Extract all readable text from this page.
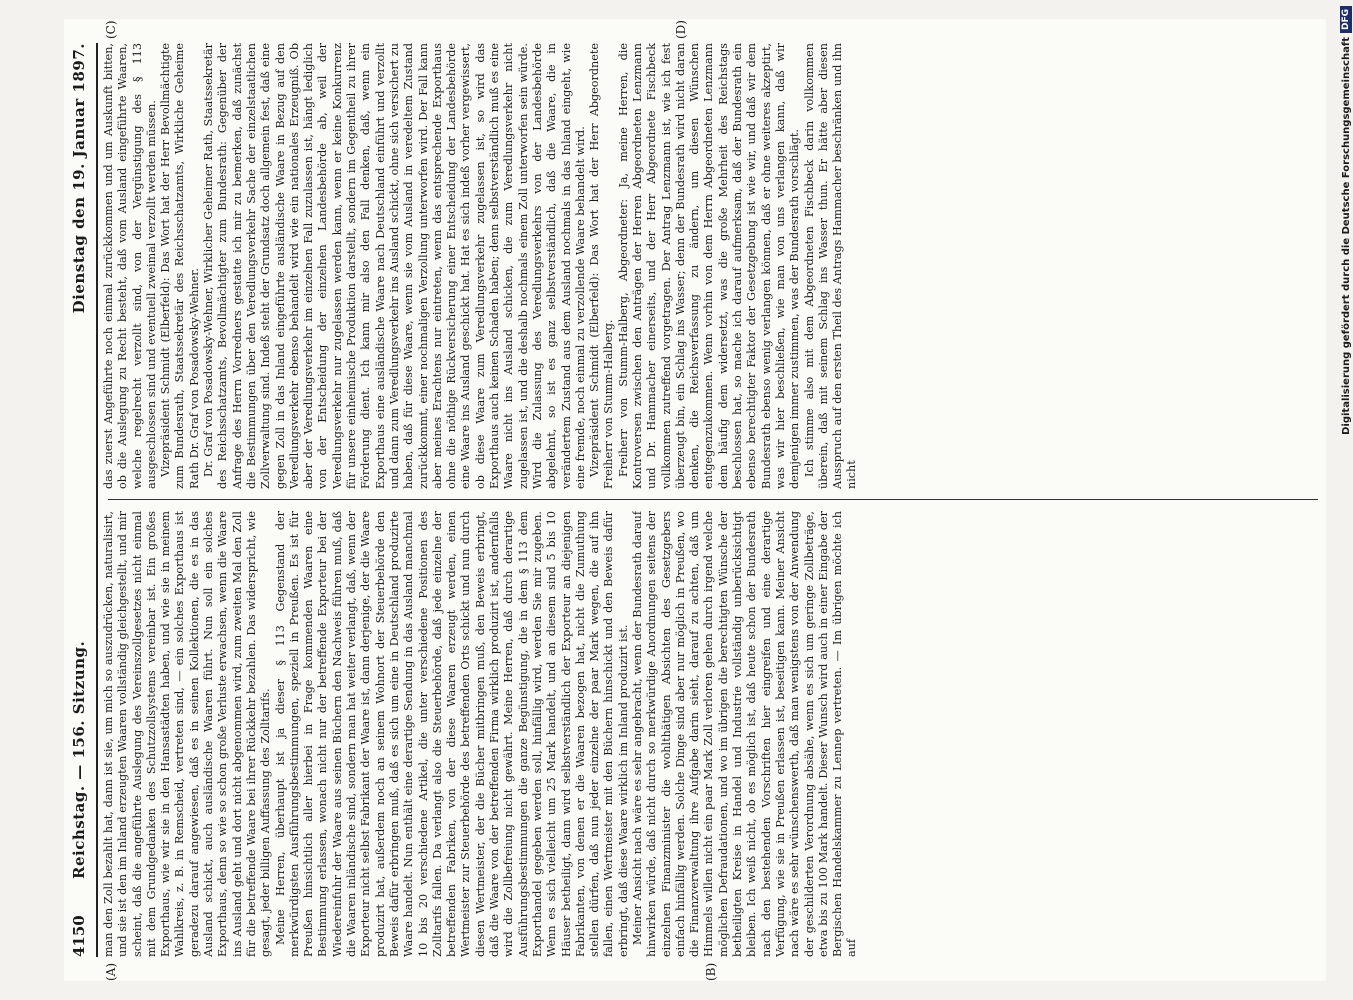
4150
Reichstag. — 156. Sitzung.
Dienstag den 19. Januar 1897.
(A)	(B)
(C)	(D)

man den Zoll bezahlt hat, dann ist sie, um mich so auszudrücken, naturalisirt, und sie ist den im Inland erzeugten Waaren vollständig gleichgestellt, und mir scheint, daß die angeführte Auslegung des Vereinszollgesetzes nicht einmal mit dem Grundgedanken des Schutzzollsystems vereinbar ist. Ein großes Exporthaus, wie wir sie in den Hansastädten haben, und wie sie in meinem Wahlkreis, z. B. in Remscheid, vertreten sind, — ein solches Exporthaus ist geradezu darauf angewiesen, daß es in seinen Kollektionen, die es in das Ausland schickt, auch ausländische Waaren führt. Nun soll ein solches Exporthaus, denn so wie so schon große Verluste erwachsen, wenn die Waare ins Ausland geht und dort nicht abgenommen wird, zum zweiten Mal den Zoll für die betreffende Waare bei ihrer Rückkehr bezahlen. Das widerspricht, wie gesagt, jeder billigen Auffassung des Zolltarifs. Meine Herren, überhaupt ist ja dieser § 113 Gegenstand der merkwürdigsten Ausführungsbestimmungen, speziell in Preußen. Es ist für Preußen hinsichtlich aller hierbei in Frage kommenden Waaren eine Bestimmung erlassen, wonach nicht nur der betreffende Exporteur bei der Wiedereinfuhr der Waare aus seinen Büchern den Nachweis führen muß, daß die Waaren inländische sind, sondern man hat weiter verlangt, daß, wenn der Exporteur nicht selbst Fabrikant der Waare ist, dann derjenige, der die Waare produzirt hat, außerdem noch an seinem Wohnort der Steuerbehörde den Beweis dafür erbringen muß, daß es sich um eine in Deutschland produzirte Waare handelt. Nun enthält eine derartige Sendung in das Ausland manchmal 10 bis 20 verschiedene Artikel, die unter verschiedene Positionen des Zolltarifs fallen. Da verlangt also die Steuerbehörde, daß jede einzelne der betreffenden Fabriken, von der diese Waaren erzeugt werden, einen Wertmeister zur Steuerbehörde des betreffenden Orts schickt und nun durch diesen Wertmeister, der die Bücher mitbringen muß, den Beweis erbringt, daß die Waare von der betreffenden Firma wirklich produzirt ist, andernfalls wird die Zollbefreiung nicht gewährt. Meine Herren, daß durch derartige Ausführungsbestimmungen die ganze Begünstigung, die in dem § 113 dem Exporthandel gegeben werden soll, hinfällig wird, werden Sie mir zugeben. Wenn es sich vielleicht um 25 Mark handelt, und an diesem sind 5 bis 10 Häuser betheiligt, dann wird selbstverständlich der Exporteur an diejenigen Fabrikanten, von denen er die Waaren bezogen hat, nicht die Zumuthung stellen dürfen, daß nun jeder einzelne der paar Mark wegen, die auf ihn fallen, einen Wertmeister mit den Büchern hinschickt und den Beweis dafür erbringt, daß diese Waare wirklich im Inland produzirt ist. Meiner Ansicht nach wäre es sehr angebracht, wenn der Bundesrath darauf hinwirken würde, daß nicht durch so merkwürdige Anordnungen seitens der einzelnen Finanzminister die wohlthätigen Absichten des Gesetzgebers einfach hinfällig werden. Solche Dinge sind aber nur möglich in Preußen, wo die Finanzverwaltung ihre Aufgabe darin sieht, darauf zu achten, daß um Himmels willen nicht ein paar Mark Zoll verloren gehen durch irgend welche möglichen Defraudationen, und wo im übrigen die berechtigten Wünsche der betheiligten Kreise in Handel und Industrie vollständig unberücksichtigt bleiben. Ich weiß nicht, ob es möglich ist, daß heute schon der Bundesrath nach den bestehenden Vorschriften hier eingreifen und eine derartige Verfügung, wie sie in Preußen erlassen ist, beseitigen kann. Meiner Ansicht nach wäre es sehr wünschenswerth, daß man wenigstens von der Anwendung der geschilderten Verordnung absähe, wenn es sich um geringe Zollbeträge, etwa bis zu 100 Mark handelt. Dieser Wunsch wird auch in einer Eingabe der Bergischen Handelskammer zu Lennep vertreten. — Im übrigen möchte ich auf

das zuerst Angeführte noch einmal zurückkommen und um Auskunft bitten, ob die Auslegung zu Recht besteht, daß vom Ausland eingeführte Waaren, welche regelrecht verzollt sind, von der Vergünstigung des § 113 ausgeschlossen sind und eventuell zweimal verzollt werden müssen. Vizepräsident Schmidt (Elberfeld): Das Wort hat der Herr Bevollmächtigte zum Bundesrath, Staatssekretär des Reichsschatzamts, Wirkliche Geheime Rath Dr. Graf von Posadowsky-Wehner. Dr. Graf von Posadowsky-Wehner, Wirklicher Geheimer Rath, Staatssekretär des Reichsschatzamts, Bevollmächtigter zum Bundesrath: Gegenüber der Anfrage des Herrn Vorredners gestatte ich mir zu bemerken, daß zunächst die Bestimmungen über den Veredlungsverkehr Sache der einzelstaatlichen Zollverwaltung sind. Indeß steht der Grundsatz doch allgemein fest, daß eine gegen Zoll in das Inland eingeführte ausländische Waare in Bezug auf den Veredlungsverkehr ebenso behandelt wird wie ein nationales Erzeugniß. Ob aber der Veredlungsverkehr im einzelnen Fall zuzulassen ist, hängt lediglich von der Entscheidung der einzelnen Landesbehörde ab, weil der Veredlungsverkehr nur zugelassen werden kann, wenn er keine Konkurrenz für unsere einheimische Produktion darstellt, sondern im Gegentheil zu ihrer Förderung dient. Ich kann mir also den Fall denken, daß, wenn ein Exporthaus eine ausländische Waare nach Deutschland einführt und verzollt und dann zum Veredlungsverkehr ins Ausland schickt, ohne sich versichert zu haben, daß für diese Waare, wenn sie vom Ausland in veredeltem Zustand zurückkommt, einer nochmaligen Verzollung unterworfen wird. Der Fall kann aber meines Erachtens nur eintreten, wenn das entsprechende Exporthaus ohne die nöthige Rückversicherung einer Entscheidung der Landesbehörde eine Waare ins Ausland geschickt hat. Hat es sich indeß vorher vergewissert, ob diese Waare zum Veredlungsverkehr zugelassen ist, so wird das Exporthaus auch keinen Schaden haben; denn selbstverständlich muß es eine Waare nicht ins Ausland schicken, die zum Veredlungsverkehr nicht zugelassen ist, und die deshalb nochmals einem Zoll unterworfen sein würde. Wird die Zulassung des Veredlungsverkehrs von der Landesbehörde abgelehnt, so ist es ganz selbstverständlich, daß die Waare, die in verändertem Zustand aus dem Ausland nochmals in das Inland eingeht, wie eine fremde, noch einmal zu verzollende Waare behandelt wird. Vizepräsident Schmidt (Elberfeld): Das Wort hat der Herr Abgeordnete Freiherr von Stumm-Halberg. Freiherr von Stumm-Halberg, Abgeordneter: Ja, meine Herren, die Kontroversen zwischen den Anträgen der Herren Abgeordneten Lenzmann und Dr. Hammacher einerseits, und der Herr Abgeordnete Fischbeck vollkommen zutreffend vorgetragen. Der Antrag Lenzmann ist, wie ich fest überzeugt bin, ein Schlag ins Wasser; denn der Bundesrath wird nicht daran denken, die Reichsverfassung zu ändern, um diesen Wünschen entgegenzukommen. Wenn vorhin von dem Herrn Abgeordneten Lenzmann dem häufig dem widersetzt, was die große Mehrheit des Reichstags beschlossen hat, so mache ich darauf aufmerksam, daß der Bundesrath ein ebenso berechtigter Faktor der Gesetzgebung ist wie wir, und daß wir dem Bundesrath ebenso wenig verlangen können, daß er ohne weiteres akzeptirt, was wir hier beschließen, wie man von uns verlangen kann, daß wir demjenigen immer zustimmen, was der Bundesrath vorschlägt. Ich stimme also mit dem Abgeordneten Fischbeck darin vollkommen überein, daß mit seinem Schlag ins Wasser thun. Er hätte aber diesen Ausspruch auf den ersten Theil des Antrags Hammacher beschränken und ihn nicht

Digitalisierung gefördert durch die Deutsche Forschungsgemeinschaft
DFG
